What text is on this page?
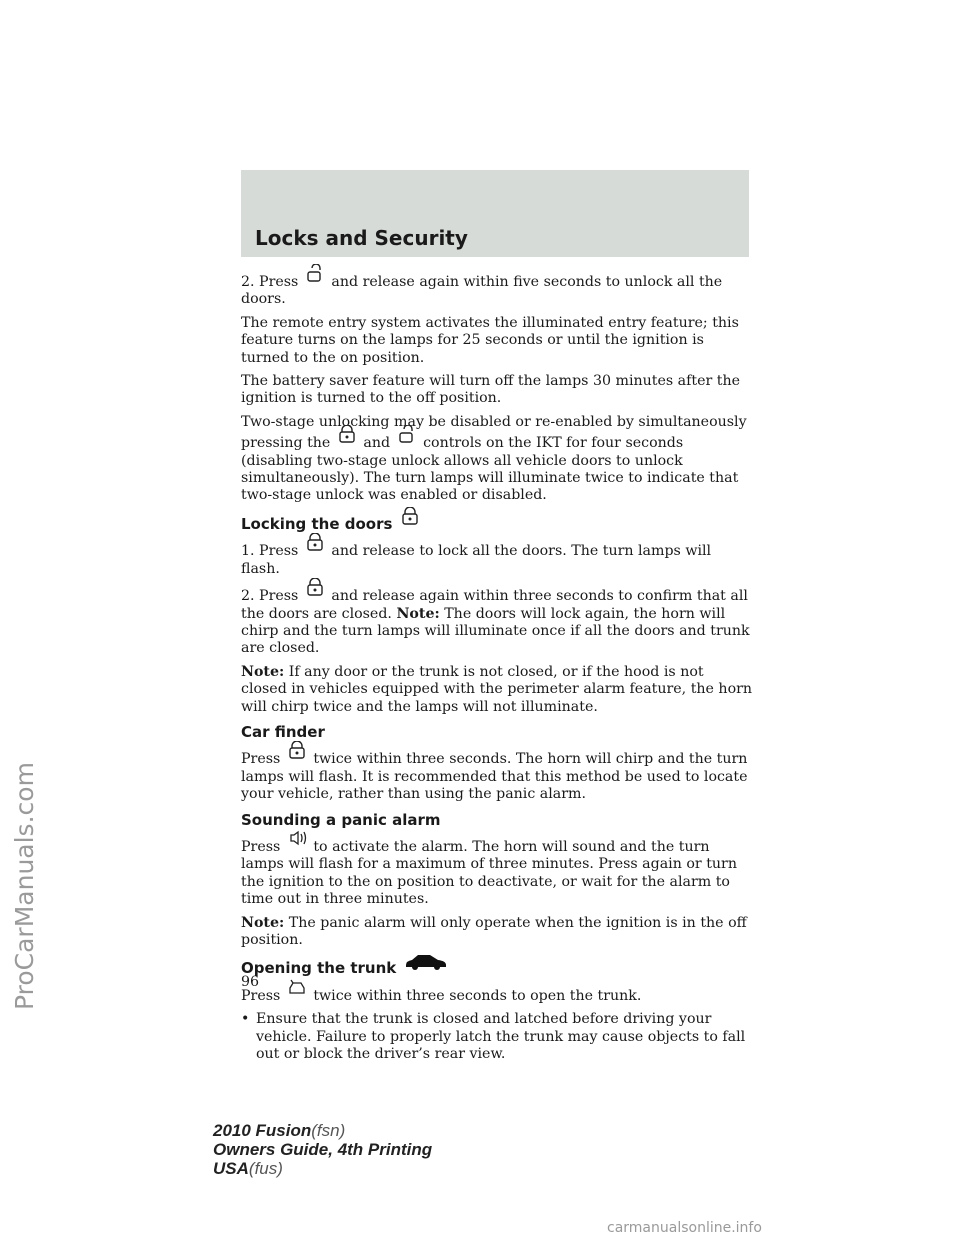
Locks and Security

2. Press and release again within five seconds to unlock all the doors.

The remote entry system activates the illuminated entry feature; this feature turns on the lamps for 25 seconds or until the ignition is turned to the on position.

The battery saver feature will turn off the lamps 30 minutes after the ignition is turned to the off position.

Two-stage unlocking may be disabled or re-enabled by simultaneously pressing the and controls on the IKT for four seconds (disabling two-stage unlock allows all vehicle doors to unlock simultaneously). The turn lamps will illuminate twice to indicate that two-stage unlock was enabled or disabled.

Locking the doors

1. Press and release to lock all the doors. The turn lamps will flash.

2. Press and release again within three seconds to confirm that all the doors are closed. Note: The doors will lock again, the horn will chirp and the turn lamps will illuminate once if all the doors and trunk are closed.

Note: If any door or the trunk is not closed, or if the hood is not closed in vehicles equipped with the perimeter alarm feature, the horn will chirp twice and the lamps will not illuminate.

Car finder

Press twice within three seconds. The horn will chirp and the turn lamps will flash. It is recommended that this method be used to locate your vehicle, rather than using the panic alarm.

Sounding a panic alarm

Press to activate the alarm. The horn will sound and the turn lamps will flash for a maximum of three minutes. Press again or turn the ignition to the on position to deactivate, or wait for the alarm to time out in three minutes.

Note: The panic alarm will only operate when the ignition is in the off position.

Opening the trunk

Press twice within three seconds to open the trunk.

• Ensure that the trunk is closed and latched before driving your vehicle. Failure to properly latch the trunk may cause objects to fall out or block the driver’s rear view.
96
2010 Fusion(fsn)
Owners Guide, 4th Printing
USA(fus)
ProCarManuals.com
carmanualsonline.info
